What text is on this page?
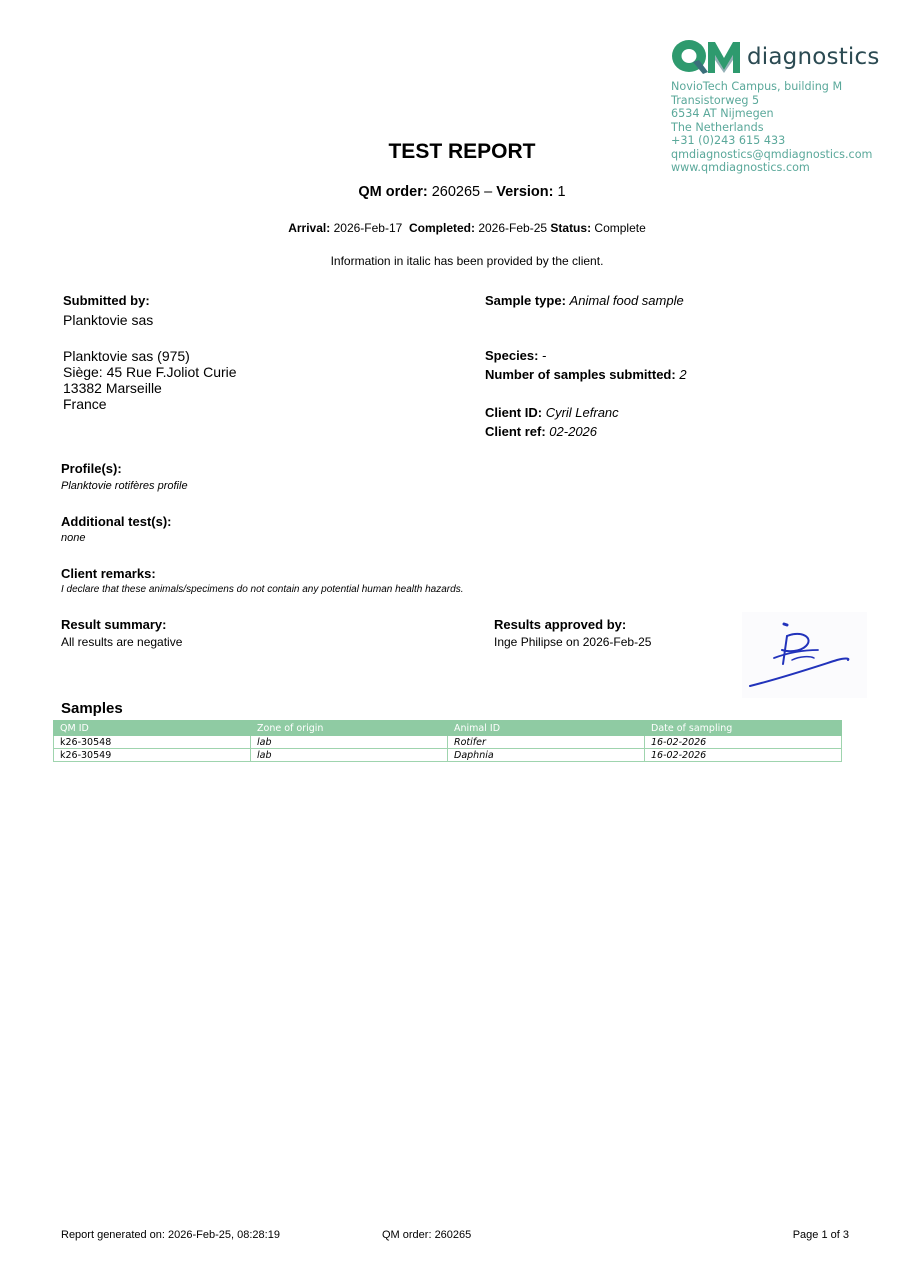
diagnostics
NovioTech Campus, building M
Transistorweg 5
6534 AT Nijmegen
The Netherlands
+31 (0)243 615 433
qmdiagnostics@qmdiagnostics.com
www.qmdiagnostics.com
TEST REPORT
QM order: 260265 – Version: 1
Arrival: 2026-Feb-17 Completed: 2026-Feb-25 Status: Complete
Information in italic has been provided by the client.
Submitted by:
Planktovie sas
Planktovie sas (975)
Siège: 45 Rue F.Joliot Curie
13382 Marseille
France
Sample type: Animal food sample
Species: -
Number of samples submitted: 2
Client ID: Cyril Lefranc
Client ref: 02-2026
Profile(s):
Planktovie rotifères profile
Additional test(s):
none
Client remarks:
I declare that these animals/specimens do not contain any potential human health hazards.
Result summary:
All results are negative
Results approved by:
Inge Philipse on 2026-Feb-25
Samples
QM ID	Zone of origin	Animal ID	Date of sampling
k26-30548	lab	Rotifer	16-02-2026
k26-30549	lab	Daphnia	16-02-2026
Report generated on: 2026-Feb-25, 08:28:19	QM order: 260265	Page 1 of 3
